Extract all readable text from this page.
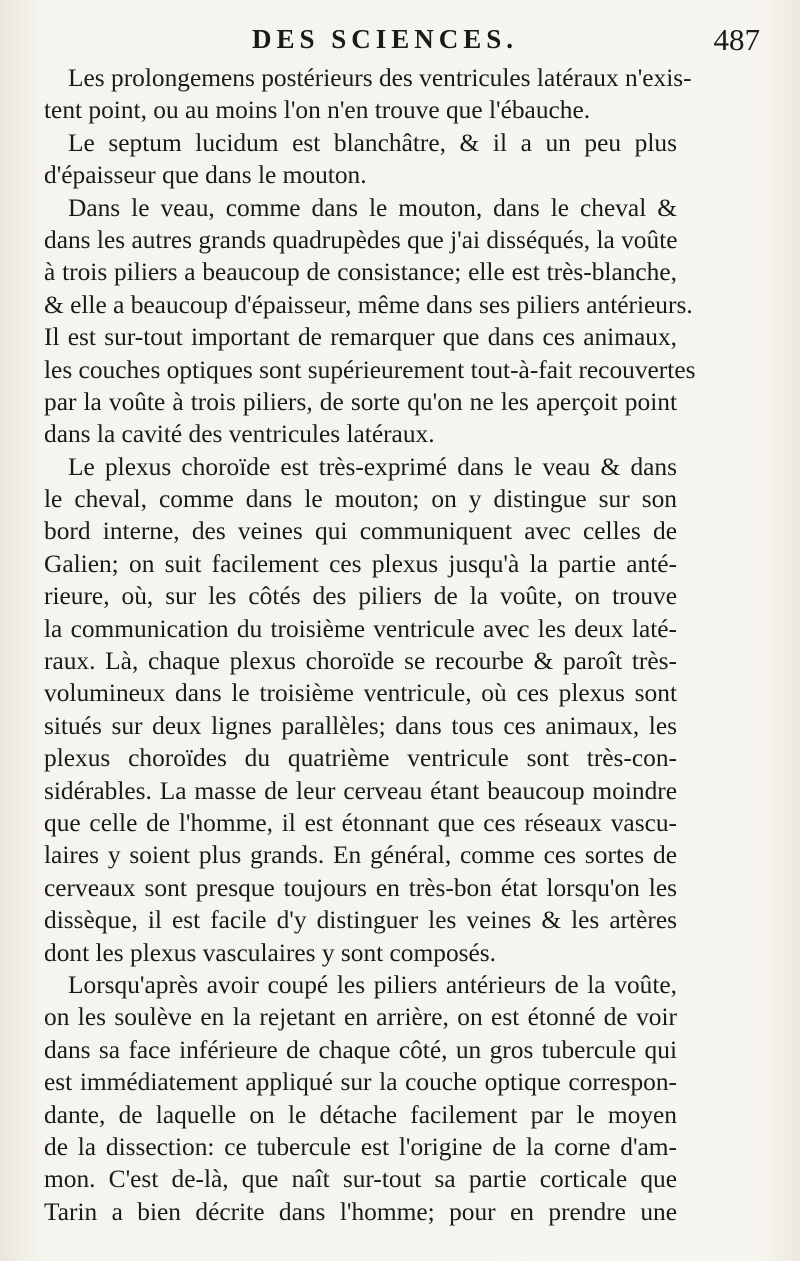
DES SCIENCES.	487
Les prolongemens postérieurs des ventricules latéraux n'exis-
tent point, ou au moins l'on n'en trouve que l'ébauche.
Le septum lucidum est blanchâtre, & il a un peu plus
d'épaisseur que dans le mouton.
Dans le veau, comme dans le mouton, dans le cheval &
dans les autres grands quadrupèdes que j'ai disséqués, la voûte
à trois piliers a beaucoup de consistance; elle est très-blanche,
& elle a beaucoup d'épaisseur, même dans ses piliers antérieurs.
Il est sur-tout important de remarquer que dans ces animaux,
les couches optiques sont supérieurement tout-à-fait recouvertes
par la voûte à trois piliers, de sorte qu'on ne les aperçoit point
dans la cavité des ventricules latéraux.
Le plexus choroïde est très-exprimé dans le veau & dans
le cheval, comme dans le mouton; on y distingue sur son
bord interne, des veines qui communiquent avec celles de
Galien; on suit facilement ces plexus jusqu'à la partie anté-
rieure, où, sur les côtés des piliers de la voûte, on trouve
la communication du troisième ventricule avec les deux laté-
raux. Là, chaque plexus choroïde se recourbe & paroît très-
volumineux dans le troisième ventricule, où ces plexus sont
situés sur deux lignes parallèles; dans tous ces animaux, les
plexus choroïdes du quatrième ventricule sont très-con-
sidérables. La masse de leur cerveau étant beaucoup moindre
que celle de l'homme, il est étonnant que ces réseaux vascu-
laires y soient plus grands. En général, comme ces sortes de
cerveaux sont presque toujours en très-bon état lorsqu'on les
dissèque, il est facile d'y distinguer les veines & les artères
dont les plexus vasculaires y sont composés.
Lorsqu'après avoir coupé les piliers antérieurs de la voûte,
on les soulève en la rejetant en arrière, on est étonné de voir
dans sa face inférieure de chaque côté, un gros tubercule qui
est immédiatement appliqué sur la couche optique correspon-
dante, de laquelle on le détache facilement par le moyen
de la dissection: ce tubercule est l'origine de la corne d'am-
mon. C'est de-là, que naît sur-tout sa partie corticale que
Tarin a bien décrite dans l'homme; pour en prendre une
